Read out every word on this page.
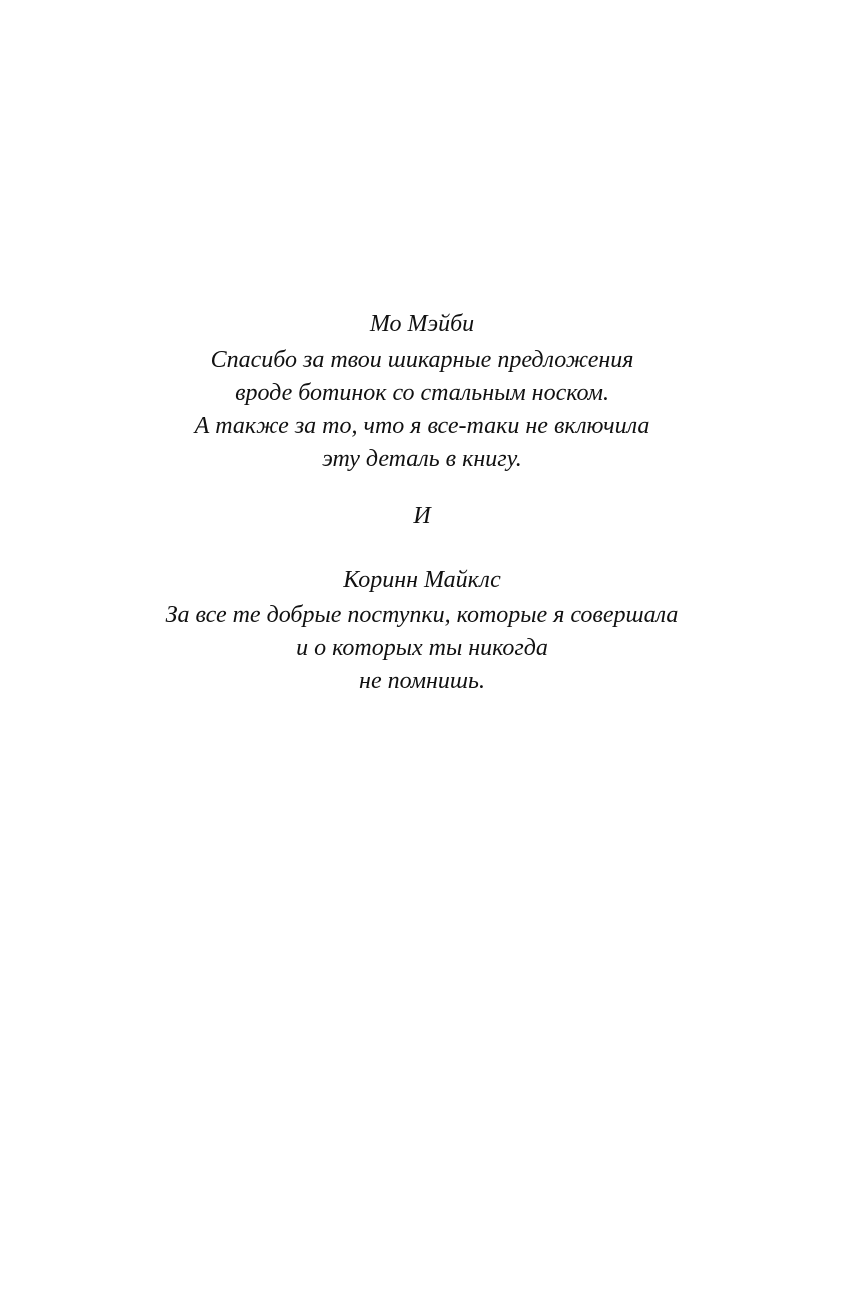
Мо Мэйби
Спасибо за твои шикарные предложения
вроде ботинок со стальным носком.
А также за то, что я все-таки не включила
эту деталь в книгу.
И
Коринн Майклс
За все те добрые поступки, которые я совершала
и о которых ты никогда
не помнишь.
